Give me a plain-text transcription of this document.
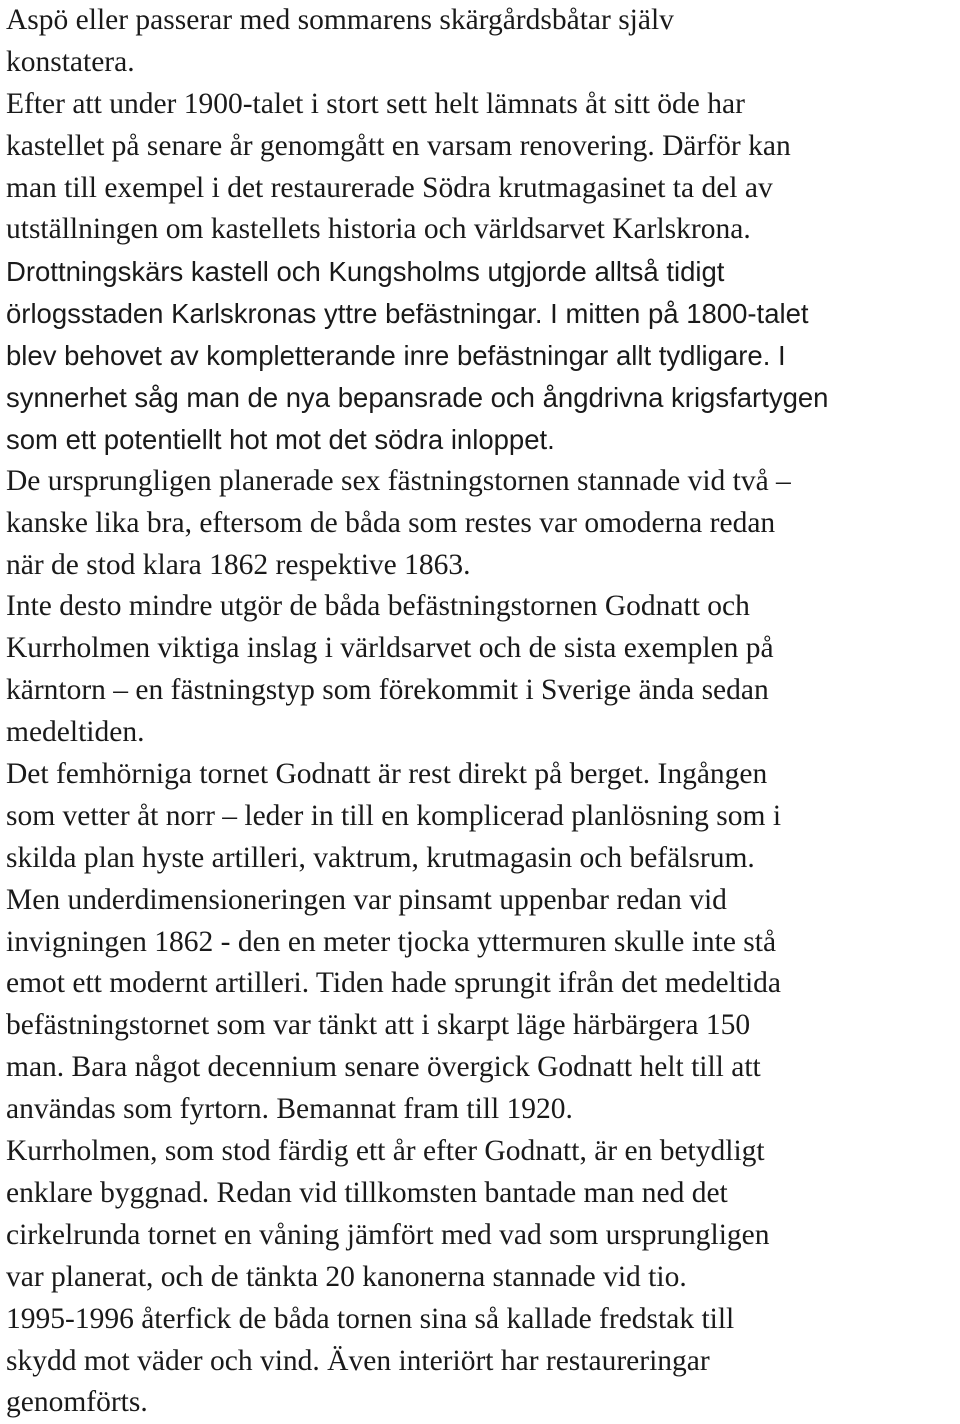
Aspö eller passerar med sommarens skärgårdsbåtar själv
konstatera.

Efter att under 1900-talet i stort sett helt lämnats åt sitt öde har
kastellet på senare år genomgått en varsam renovering. Därför kan
man till exempel i det restaurerade Södra krutmagasinet ta del av
utställningen om kastellets historia och världsarvet Karlskrona.

Drottningskärs kastell och Kungsholms utgjorde alltså tidigt
örlogsstaden Karlskronas yttre befästningar. I mitten på 1800-talet
blev behovet av kompletterande inre befästningar allt tydligare. I
synnerhet såg man de nya bepansrade och ångdrivna krigsfartygen
som ett potentiellt hot mot det södra inloppet.

De ursprungligen planerade sex fästningstornen stannade vid två –
kanske lika bra, eftersom de båda som restes var omoderna redan
när de stod klara 1862 respektive 1863.

Inte desto mindre utgör de båda befästningstornen Godnatt och
Kurrholmen viktiga inslag i världsarvet och de sista exemplen på
kärntorn – en fästningstyp som förekommit i Sverige ända sedan
medeltiden.

Det femhörniga tornet Godnatt är rest direkt på berget. Ingången
som vetter åt norr – leder in till en komplicerad planlösning som i
skilda plan hyste artilleri, vaktrum, krutmagasin och befälsrum.
Men underdimensioneringen var pinsamt uppenbar redan vid
invigningen 1862 - den en meter tjocka yttermuren skulle inte stå
emot ett modernt artilleri. Tiden hade sprungit ifrån det medeltida
befästningstornet som var tänkt att i skarpt läge härbärgera 150
man. Bara något decennium senare övergick Godnatt helt till att
användas som fyrtorn. Bemannat fram till 1920.

Kurrholmen, som stod färdig ett år efter Godnatt, är en betydligt
enklare byggnad. Redan vid tillkomsten bantade man ned det
cirkelrunda tornet en våning jämfört med vad som ursprungligen
var planerat, och de tänkta 20 kanonerna stannade vid tio.

1995-1996 återfick de båda tornen sina så kallade fredstak till
skydd mot väder och vind. Även interiört har restaureringar
genomförts.
